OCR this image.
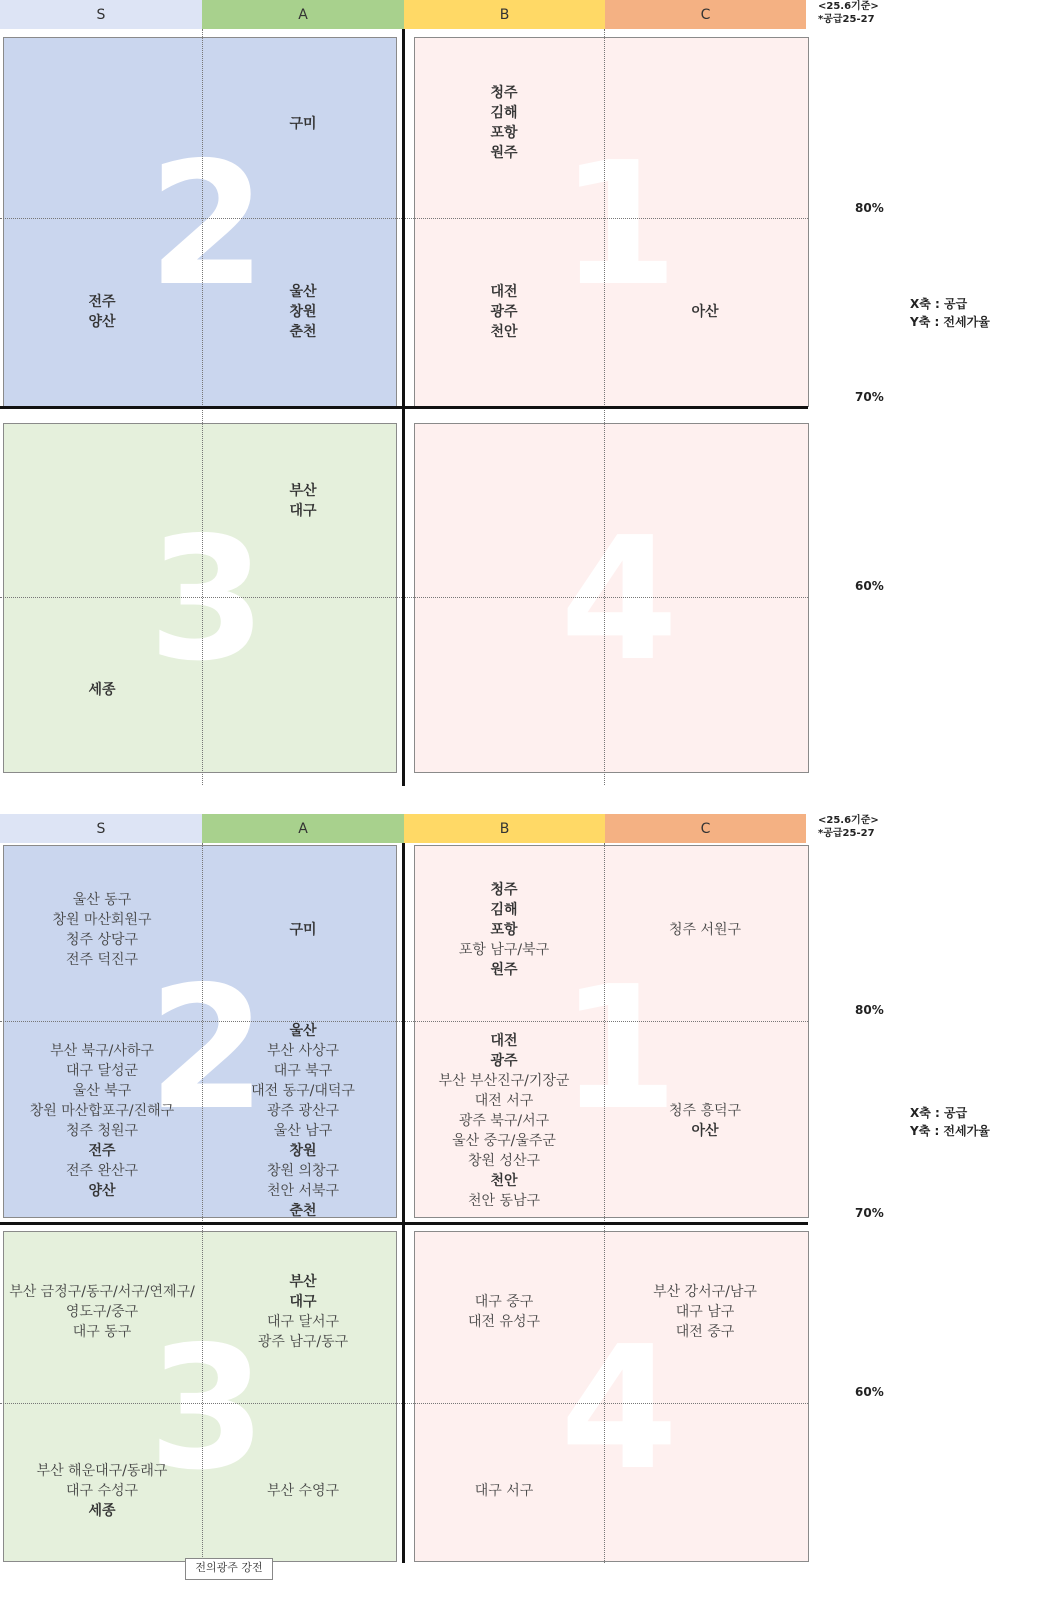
S	A	B	C	<25.6기준>
*공급25-27
2 1
3 4
80%
70%
60%
X축 : 공급
Y축 : 전세가율
전주
양산
구미
울산
창원
춘천
청주
김해
포항
원주
대전
광주
천안
아산
부산
대구
세종
S	A	B	C	<25.6기준>
*공급25-27
2 1
3 4
80%
70%
60%
X축 : 공급
Y축 : 전세가율
울산 동구
창원 마산회원구
청주 상당구
전주 덕진구
구미
청주
김해
포항
포항 남구/북구
원주
청주 서원구
부산 북구/사하구
대구 달성군
울산 북구
창원 마산합포구/진해구
청주 청원구
전주
전주 완산구
양산
울산
부산 사상구
대구 북구
대전 동구/대덕구
광주 광산구
울산 남구
창원
창원 의창구
천안 서북구
춘천
대전
광주
부산 부산진구/기장군
대전 서구
광주 북구/서구
울산 중구/울주군
창원 성산구
천안
천안 동남구
청주 흥덕구
아산
부산 금정구/동구/서구/연제구/
영도구/중구
대구 동구
부산
대구
대구 달서구
광주 남구/동구
대구 중구
대전 유성구
부산 강서구/남구
대구 남구
대전 중구
부산 해운대구/동래구
대구 수성구
세종
부산 수영구	대구 서구
전의광주 강전
